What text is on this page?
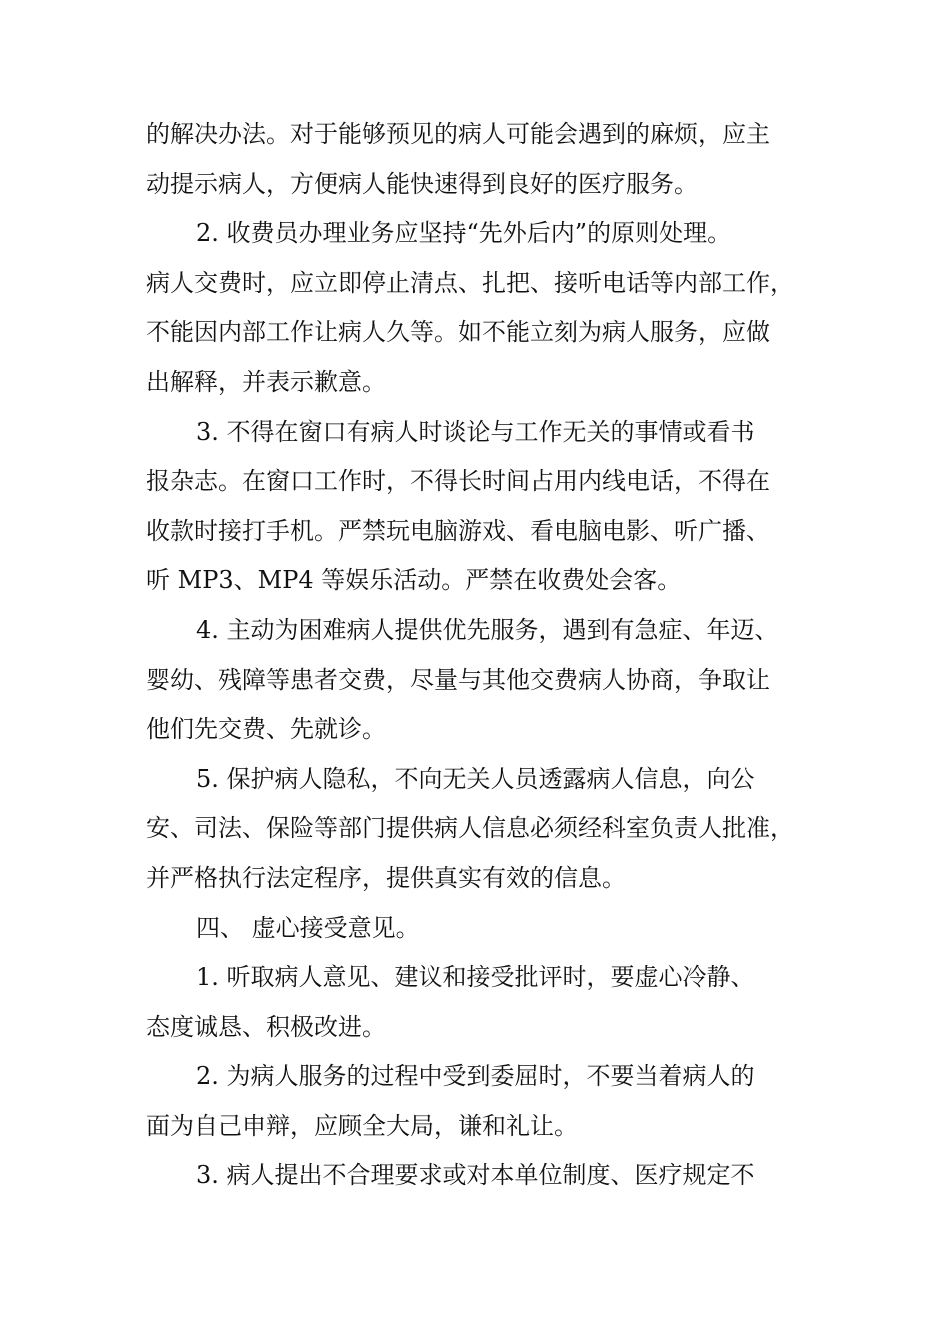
的解决办法。对于能够预见的病人可能会遇到的麻烦，应主
动提示病人，方便病人能快速得到良好的医疗服务。
2. 收费员办理业务应坚持“先外后内”的原则处理。
病人交费时，应立即停止清点、扎把、接听电话等内部工作，
不能因内部工作让病人久等。如不能立刻为病人服务，应做
出解释，并表示歉意。
3. 不得在窗口有病人时谈论与工作无关的事情或看书
报杂志。在窗口工作时，不得长时间占用内线电话，不得在
收款时接打手机。严禁玩电脑游戏、看电脑电影、听广播、
听 MP3、MP4 等娱乐活动。严禁在收费处会客。
4. 主动为困难病人提供优先服务，遇到有急症、年迈、
婴幼、残障等患者交费，尽量与其他交费病人协商，争取让
他们先交费、先就诊。
5. 保护病人隐私，不向无关人员透露病人信息，向公
安、司法、保险等部门提供病人信息必须经科室负责人批准，
并严格执行法定程序，提供真实有效的信息。
四、 虚心接受意见。
1. 听取病人意见、建议和接受批评时，要虚心冷静、
态度诚恳、积极改进。
2. 为病人服务的过程中受到委屈时，不要当着病人的
面为自己申辩，应顾全大局，谦和礼让。
3. 病人提出不合理要求或对本单位制度、医疗规定不
